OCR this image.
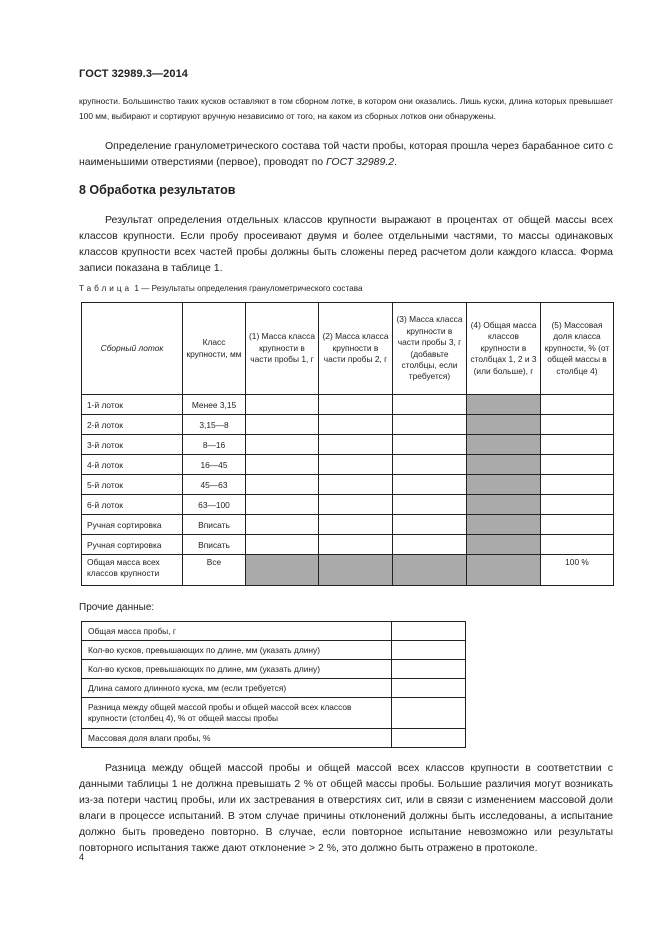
ГОСТ 32989.3—2014
крупности. Большинство таких кусков оставляют в том сборном лотке, в котором они оказались. Лишь куски, длина которых превышает 100 мм, выбирают и сортируют вручную независимо от того, на каком из сборных лотков они обнаружены.
Определение гранулометрического состава той части пробы, которая прошла через барабанное сито с наименьшими отверстиями (первое), проводят по ГОСТ 32989.2.
8 Обработка результатов
Результат определения отдельных классов крупности выражают в процентах от общей массы всех классов крупности. Если пробу просеивают двумя и более отдельными частями, то массы одинаковых классов крупности всех частей пробы должны быть сложены перед расчетом доли каждого класса. Форма записи показана в таблице 1.
Таблица 1 — Результаты определения гранулометрического состава
Сборный лоток	Класс крупности, мм	(1) Масса класса крупности в части пробы 1, г	(2) Масса класса крупности в части пробы 2, г	(3) Масса класса крупности в части пробы 3, г (добавьте столбцы, если требуется)	(4) Общая масса классов крупности в столбцах 1, 2 и 3 (или больше), г	(5) Массовая доля класса крупности, % (от общей массы в столбце 4)
1-й лоток	Менее 3,15					
2-й лоток	3,15—8					
3-й лоток	8—16					
4-й лоток	16—45					
5-й лоток	45—63					
6-й лоток	63—100					
Ручная сортировка	Вписать					
Ручная сортировка	Вписать					
Общая масса всех классов крупности	Все					100 %
Прочие данные:
Общая масса пробы, г	
Кол-во кусков, превышающих по длине, мм (указать длину)	
Кол-во кусков, превышающих по длине, мм (указать длину)	
Длина самого длинного куска, мм (если требуется)	
Разница между общей массой пробы и общей массой всех классов крупности (столбец 4), % от общей массы пробы	
Массовая доля влаги пробы, %	
Разница между общей массой пробы и общей массой всех классов крупности в соответствии с данными таблицы 1 не должна превышать 2 % от общей массы пробы. Большие различия могут возникать из-за потери частиц пробы, или их застревания в отверстиях сит, или в связи с изменением массовой доли влаги в процессе испытаний. В этом случае причины отклонений должны быть исследованы, а испытание должно быть проведено повторно. В случае, если повторное испытание невозможно или результаты повторного испытания также дают отклонение > 2 %, это должно быть отражено в протоколе.
4
